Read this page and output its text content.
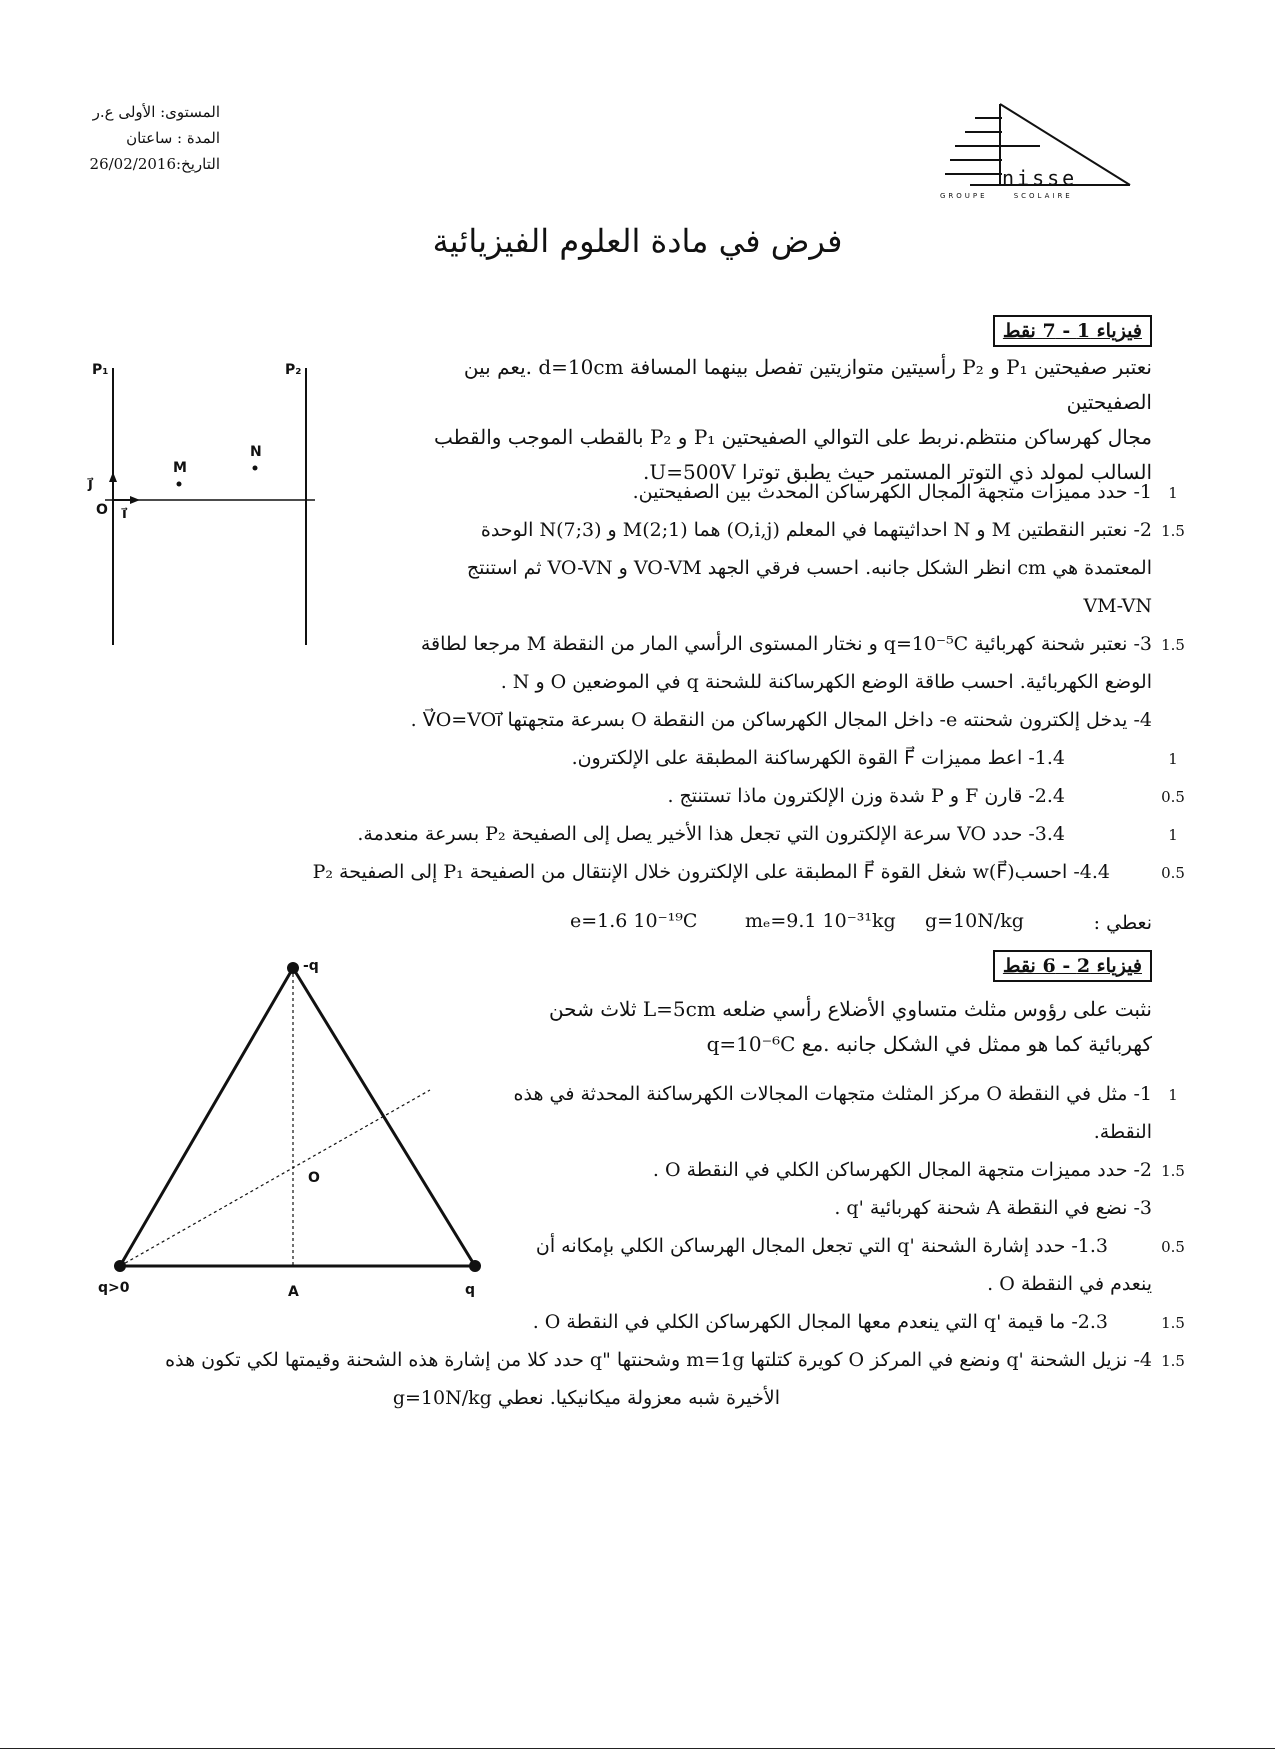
nisse
GROUPE     SCOLAIRE
المستوى: الأولى ع.ر
المدة : ساعتان
التاريخ:26/02/2016
فرض في مادة العلوم الفيزيائية
فيزياء 1 - 7 نقط
نعتبر صفيحتين P₁ و P₂ رأسيتين متوازيتين تفصل بينهما المسافة d=10cm .يعم بين الصفيحتين
مجال كهرساكن منتظم.نربط على التوالي الصفيحتين P₁ و P₂ بالقطب الموجب والقطب
السالب لمولد ذي التوتر المستمر حيث يطبق توترا U=500V.
1- حدد مميزات متجهة المجال الكهرساكن المحدث بين الصفيحتين.	1
2- نعتبر النقطتين M و N احداثيتهما في المعلم (O,i,j) هما M(2;1) و N(7;3) الوحدة 1.5
المعتمدة هي cm انظر الشكل جانبه. احسب فرقي الجهد VO-VM و VO-VN ثم استنتج
VM-VN
3- نعتبر شحنة كهربائية q=10⁻⁵C و نختار المستوى الرأسي المار من النقطة M مرجعا لطاقة 1.5
الوضع الكهربائية. احسب طاقة الوضع الكهرساكنة للشحنة q في الموضعين O و N .
4- يدخل إلكترون شحنته e- داخل المجال الكهرساكن من النقطة O بسرعة متجهتها V⃗O=VOi⃗ .
1.4- اعط مميزات F⃗ القوة الكهرساكنة المطبقة على الإلكترون.	1
2.4- قارن F و P شدة وزن الإلكترون ماذا تستنتج .	0.5
3.4- حدد VO سرعة الإلكترون التي تجعل هذا الأخير يصل إلى الصفيحة P₂ بسرعة منعدمة.	1
4.4- احسب(F⃗)w شغل القوة F⃗ المطبقة على الإلكترون خلال الإنتقال من الصفيحة P₁ إلى الصفيحة P₂	0.5
نعطي :
e=1.6 10⁻¹⁹C	mₑ=9.1 10⁻³¹kg g=10N/kg
P₁	P₂
M
N
O
j⃗
i⃗
فيزياء 2 - 6 نقط
نثبت على رؤوس مثلث متساوي الأضلاع رأسي ضلعه L=5cm ثلاث شحن
كهربائية كما هو ممثل في الشكل جانبه .مع q=10⁻⁶C
1- مثل في النقطة O مركز المثلث متجهات المجالات الكهرساكنة المحدثة في هذه	1
النقطة.
2- حدد مميزات متجهة المجال الكهرساكن الكلي في النقطة O . 1.5
3- نضع في النقطة A شحنة كهربائية 'q .
1.3- حدد إشارة الشحنة 'q التي تجعل المجال الهرساكن الكلي بإمكانه أن	0.5
ينعدم في النقطة O .
2.3- ما قيمة 'q التي ينعدم معها المجال الكهرساكن الكلي في النقطة O .	1.5
4- نزيل الشحنة 'q ونضع في المركز O كويرة كتلتها m=1g وشحنتها "q حدد كلا من إشارة هذه الشحنة وقيمتها لكي تكون هذه 1.5
الأخيرة شبه معزولة ميكانيكيا. نعطي g=10N/kg
-q
q>0	q
O
A
